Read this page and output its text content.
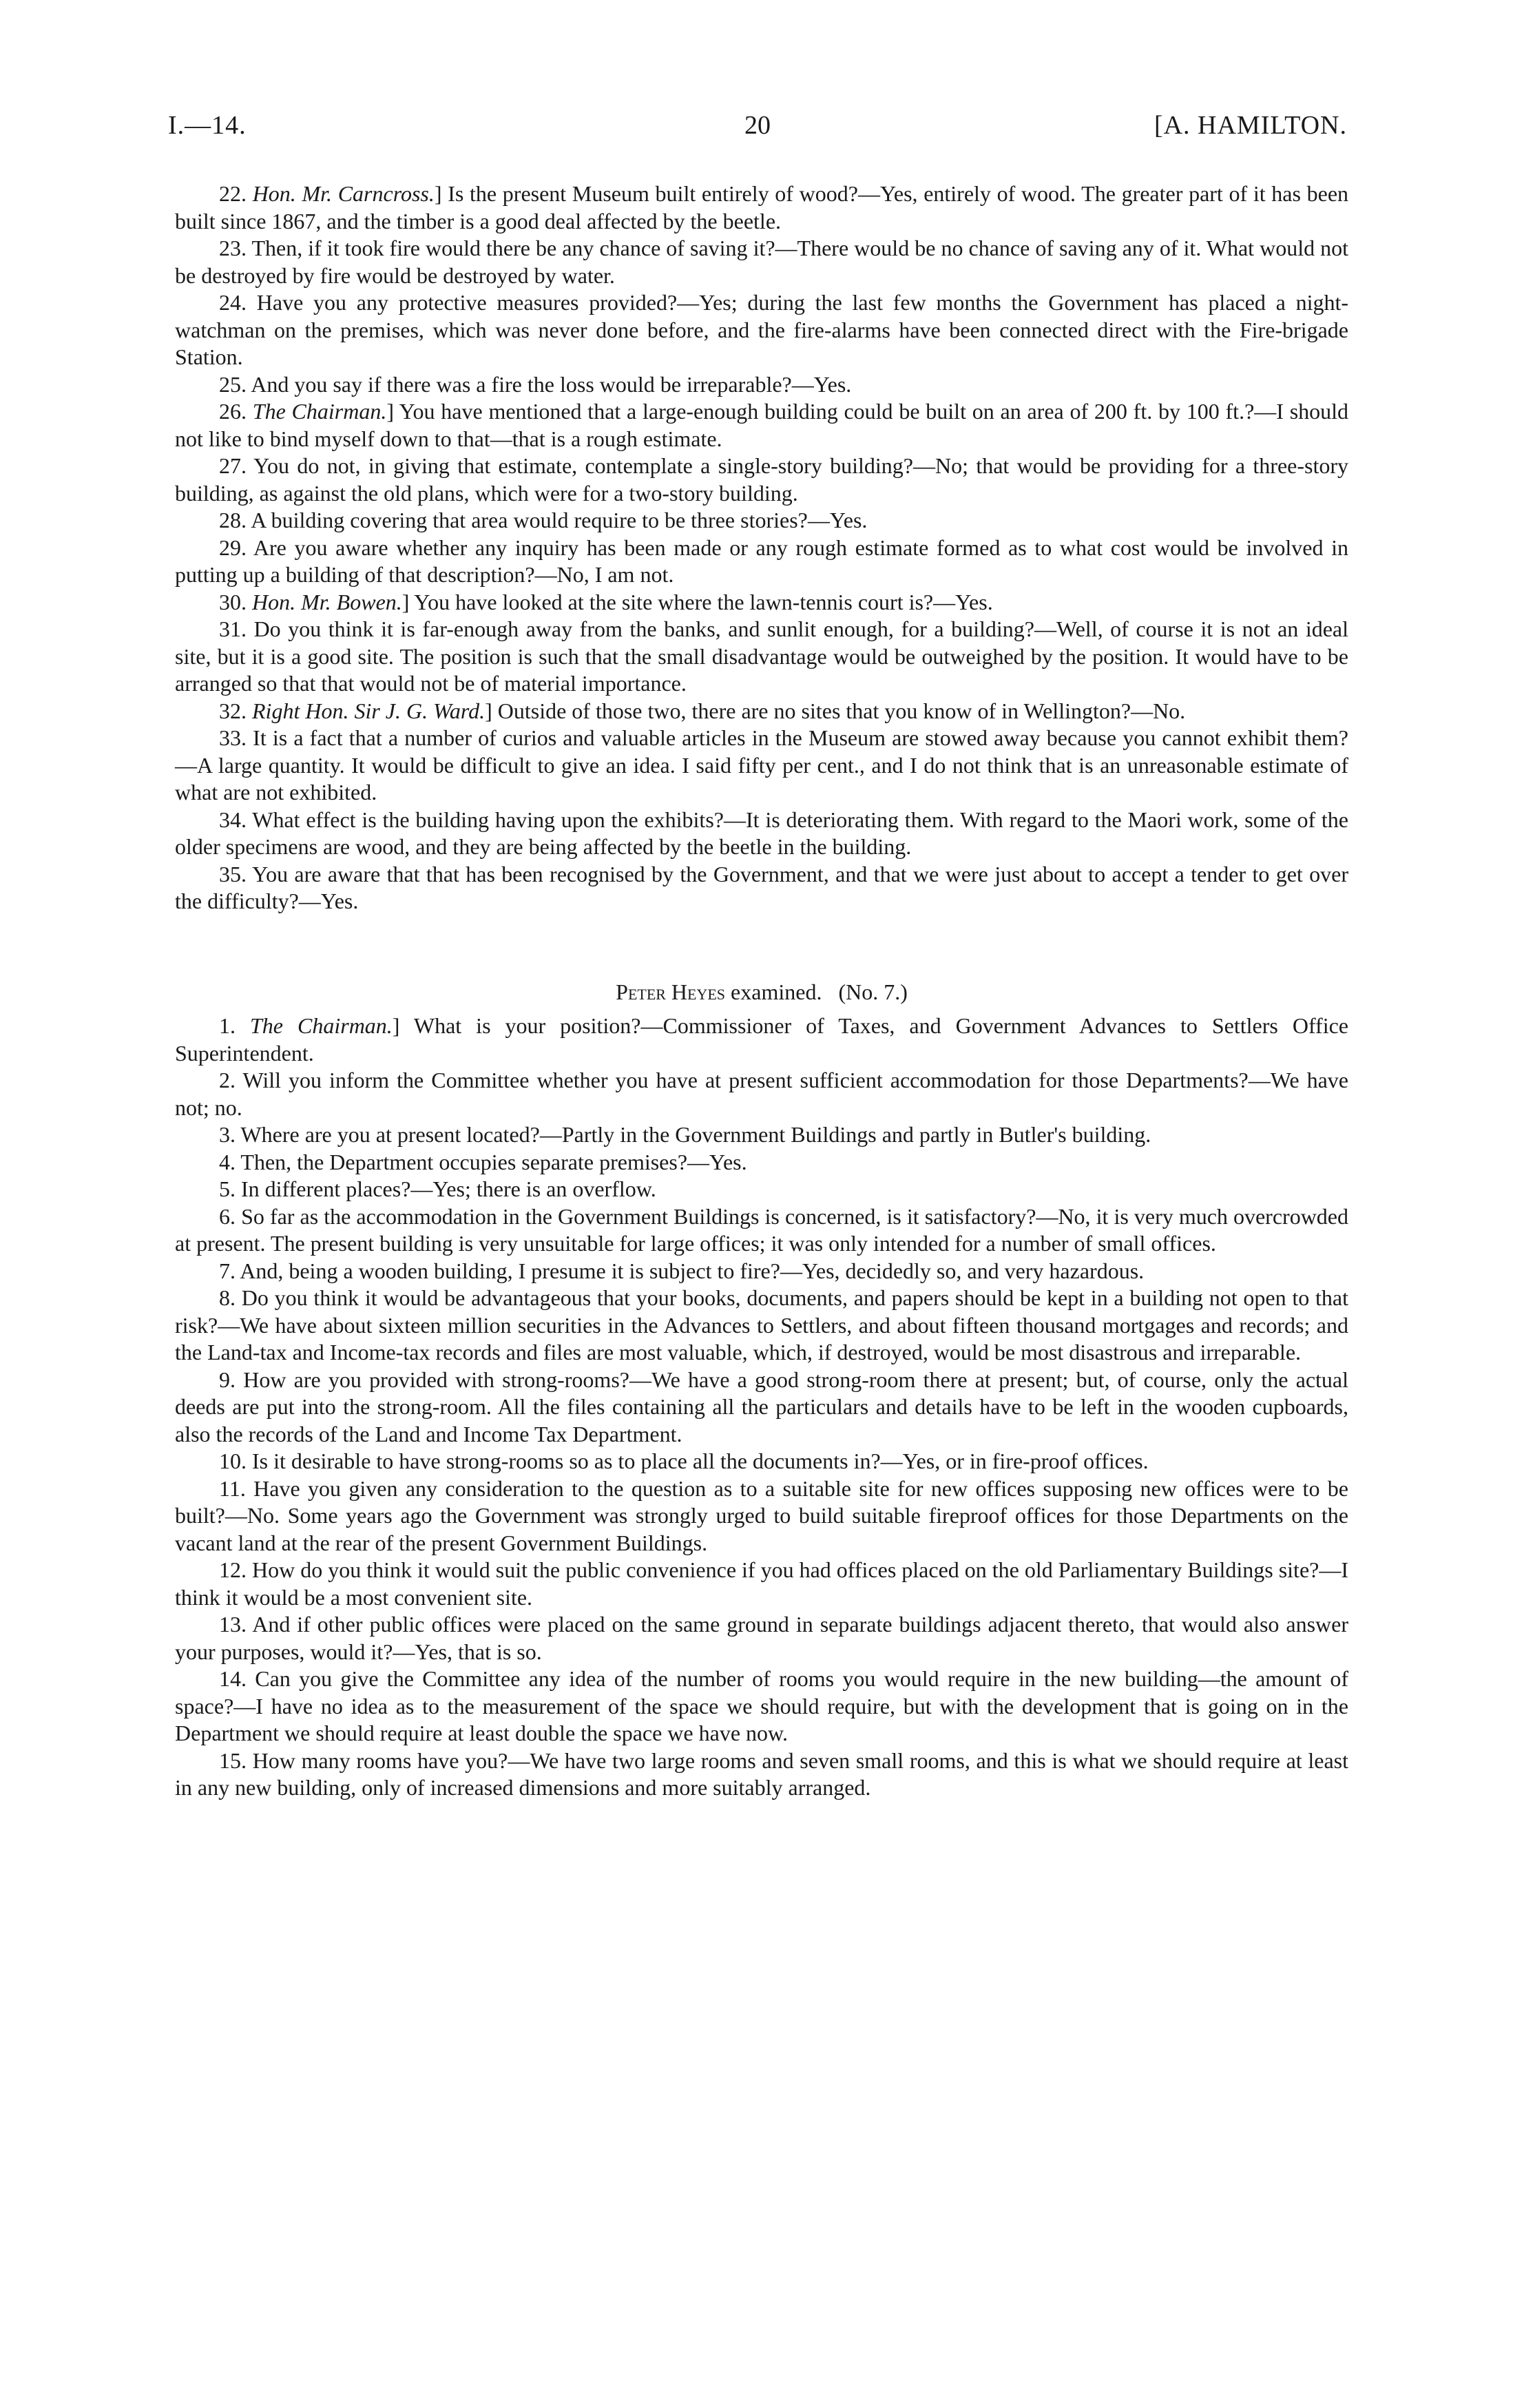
I.—14.	20	[A. HAMILTON.

22. Hon. Mr. Carncross.] Is the present Museum built entirely of wood?—Yes, entirely of wood. The greater part of it has been built since 1867, and the timber is a good deal affected by the beetle.

23. Then, if it took fire would there be any chance of saving it?—There would be no chance of saving any of it. What would not be destroyed by fire would be destroyed by water.

24. Have you any protective measures provided?—Yes; during the last few months the Government has placed a night-watchman on the premises, which was never done before, and the fire-alarms have been connected direct with the Fire-brigade Station.

25. And you say if there was a fire the loss would be irreparable?—Yes.

26. The Chairman.] You have mentioned that a large-enough building could be built on an area of 200 ft. by 100 ft.?—I should not like to bind myself down to that—that is a rough estimate.

27. You do not, in giving that estimate, contemplate a single-story building?—No; that would be providing for a three-story building, as against the old plans, which were for a two-story building.

28. A building covering that area would require to be three stories?—Yes.

29. Are you aware whether any inquiry has been made or any rough estimate formed as to what cost would be involved in putting up a building of that description?—No, I am not.

30. Hon. Mr. Bowen.] You have looked at the site where the lawn-tennis court is?—Yes.

31. Do you think it is far-enough away from the banks, and sunlit enough, for a building?—Well, of course it is not an ideal site, but it is a good site. The position is such that the small disadvantage would be outweighed by the position. It would have to be arranged so that that would not be of material importance.

32. Right Hon. Sir J. G. Ward.] Outside of those two, there are no sites that you know of in Wellington?—No.

33. It is a fact that a number of curios and valuable articles in the Museum are stowed away because you cannot exhibit them?—A large quantity. It would be difficult to give an idea. I said fifty per cent., and I do not think that is an unreasonable estimate of what are not exhibited.

34. What effect is the building having upon the exhibits?—It is deteriorating them. With regard to the Maori work, some of the older specimens are wood, and they are being affected by the beetle in the building.

35. You are aware that that has been recognised by the Government, and that we were just about to accept a tender to get over the difficulty?—Yes.

Peter Heyes examined. (No. 7.)

1. The Chairman.] What is your position?—Commissioner of Taxes, and Government Advances to Settlers Office Superintendent.

2. Will you inform the Committee whether you have at present sufficient accommodation for those Departments?—We have not; no.

3. Where are you at present located?—Partly in the Government Buildings and partly in Butler's building.

4. Then, the Department occupies separate premises?—Yes.

5. In different places?—Yes; there is an overflow.

6. So far as the accommodation in the Government Buildings is concerned, is it satisfactory?—No, it is very much overcrowded at present. The present building is very unsuitable for large offices; it was only intended for a number of small offices.

7. And, being a wooden building, I presume it is subject to fire?—Yes, decidedly so, and very hazardous.

8. Do you think it would be advantageous that your books, documents, and papers should be kept in a building not open to that risk?—We have about sixteen million securities in the Advances to Settlers, and about fifteen thousand mortgages and records; and the Land-tax and Income-tax records and files are most valuable, which, if destroyed, would be most disastrous and irreparable.

9. How are you provided with strong-rooms?—We have a good strong-room there at present; but, of course, only the actual deeds are put into the strong-room. All the files containing all the particulars and details have to be left in the wooden cupboards, also the records of the Land and Income Tax Department.

10. Is it desirable to have strong-rooms so as to place all the documents in?—Yes, or in fire-proof offices.

11. Have you given any consideration to the question as to a suitable site for new offices supposing new offices were to be built?—No. Some years ago the Government was strongly urged to build suitable fireproof offices for those Departments on the vacant land at the rear of the present Government Buildings.

12. How do you think it would suit the public convenience if you had offices placed on the old Parliamentary Buildings site?—I think it would be a most convenient site.

13. And if other public offices were placed on the same ground in separate buildings adjacent thereto, that would also answer your purposes, would it?—Yes, that is so.

14. Can you give the Committee any idea of the number of rooms you would require in the new building—the amount of space?—I have no idea as to the measurement of the space we should require, but with the development that is going on in the Department we should require at least double the space we have now.

15. How many rooms have you?—We have two large rooms and seven small rooms, and this is what we should require at least in any new building, only of increased dimensions and more suitably arranged.
